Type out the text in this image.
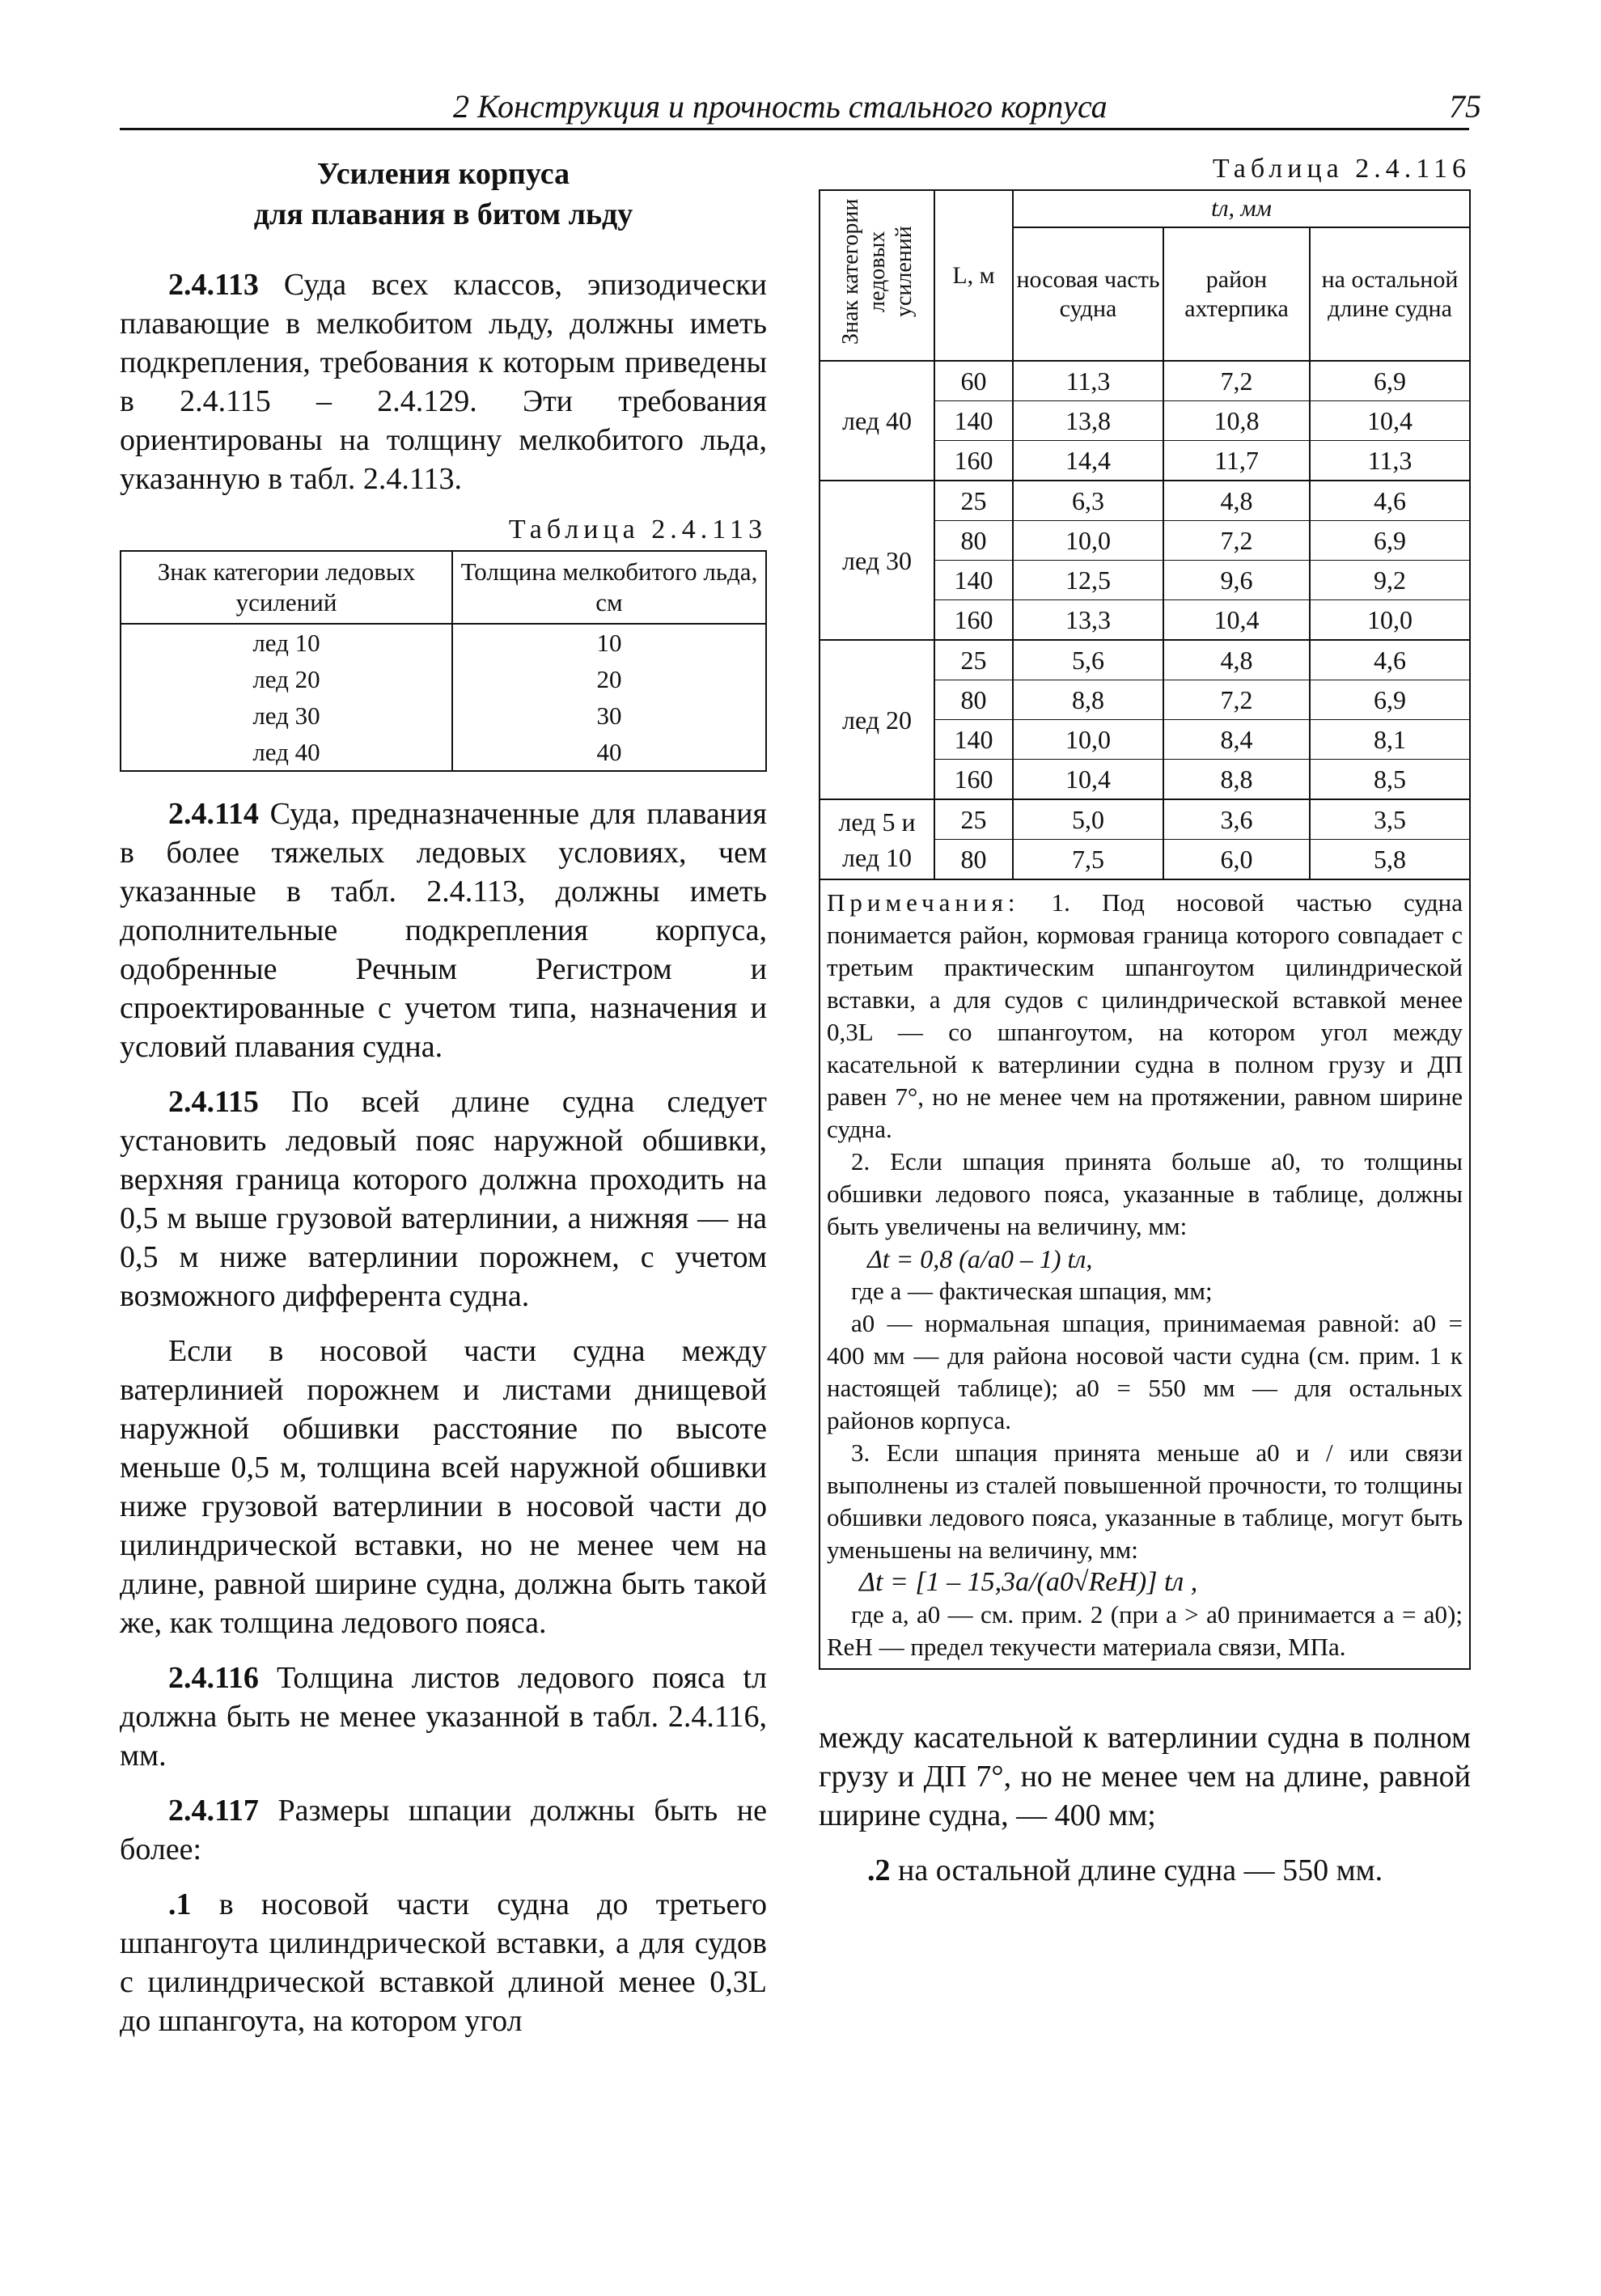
2 Конструкция и прочность стального корпуса	75
Усиления корпуса
для плавания в битом льду

2.4.113 Суда всех классов, эпизодически плавающие в мелкобитом льду, должны иметь подкрепления, требования к которым приведены в 2.4.115 – 2.4.129. Эти требования ориентированы на толщину мелкобитого льда, указанную в табл. 2.4.113.

Таблица 2.4.113
Знак категории ледовых усилений	Толщина мелкобитого льда, см
лед 10	10
лед 20	20
лед 30	30
лед 40	40

2.4.114 Суда, предназначенные для плавания в более тяжелых ледовых условиях, чем указанные в табл. 2.4.113, должны иметь дополнительные подкрепления корпуса, одобренные Речным Регистром и спроектированные с учетом типа, назначения и условий плавания судна.

2.4.115 По всей длине судна следует установить ледовый пояс наружной обшивки, верхняя граница которого должна проходить на 0,5 м выше грузовой ватерлинии, а нижняя — на 0,5 м ниже ватерлинии порожнем, с учетом возможного дифферента судна.

Если в носовой части судна между ватерлинией порожнем и листами днищевой наружной обшивки расстояние по высоте меньше 0,5 м, толщина всей наружной обшивки ниже грузовой ватерлинии в носовой части до цилиндрической вставки, но не менее чем на длине, равной ширине судна, должна быть такой же, как толщина ледового пояса.

2.4.116 Толщина листов ледового пояса tл должна быть не менее указанной в табл. 2.4.116, мм.

2.4.117 Размеры шпации должны быть не более:

.1 в носовой части судна до третьего шпангоута цилиндрической вставки, а для судов с цилиндрической вставкой длиной менее 0,3L до шпангоута, на котором угол

Таблица 2.4.116
Знак категории ледовых усилений	L, м	tл, мм		
		носовая часть судна	район ахтерпика	на остальной длине судна
лед 40	60	11,3	7,2	6,9
	140	13,8	10,8	10,4
	160	14,4	11,7	11,3
лед 30	25	6,3	4,8	4,6
	80	10,0	7,2	6,9
	140	12,5	9,6	9,2
	160	13,3	10,4	10,0
лед 20	25	5,6	4,8	4,6
	80	8,8	7,2	6,9
	140	10,0	8,4	8,1
	160	10,4	8,8	8,5
лед 5 и
лед 10	25	5,0	3,6	3,5
	80	7,5	6,0	5,8

Примечания: 1. Под носовой частью судна понимается район, кормовая граница которого совпадает с третьим практическим шпангоутом цилиндрической вставки, а для судов с цилиндрической вставкой менее 0,3L — со шпангоутом, на котором угол между касательной к ватерлинии судна в полном грузу и ДП равен 7°, но не менее чем на протяжении, равном ширине судна.

2. Если шпация принята больше a0, то толщины обшивки ледового пояса, указанные в таблице, должны быть увеличены на величину, мм:

Δt = 0,8 (a/a0 – 1) tл,

где a — фактическая шпация, мм;

a0 — нормальная шпация, принимаемая равной: a0 = 400 мм — для района носовой части судна (см. прим. 1 к настоящей таблице); a0 = 550 мм — для остальных районов корпуса.

3. Если шпация принята меньше a0 и / или связи выполнены из сталей повышенной прочности, то толщины обшивки ледового пояса, указанные в таблице, могут быть уменьшены на величину, мм:

Δt = [1 – 15,3a/(a0√ReH)] tл ,

где a, a0 — см. прим. 2 (при a > a0 принимается a = a0); ReH — предел текучести материала связи, МПа.

между касательной к ватерлинии судна в полном грузу и ДП 7°, но не менее чем на длине, равной ширине судна, — 400 мм;

.2 на остальной длине судна — 550 мм.
